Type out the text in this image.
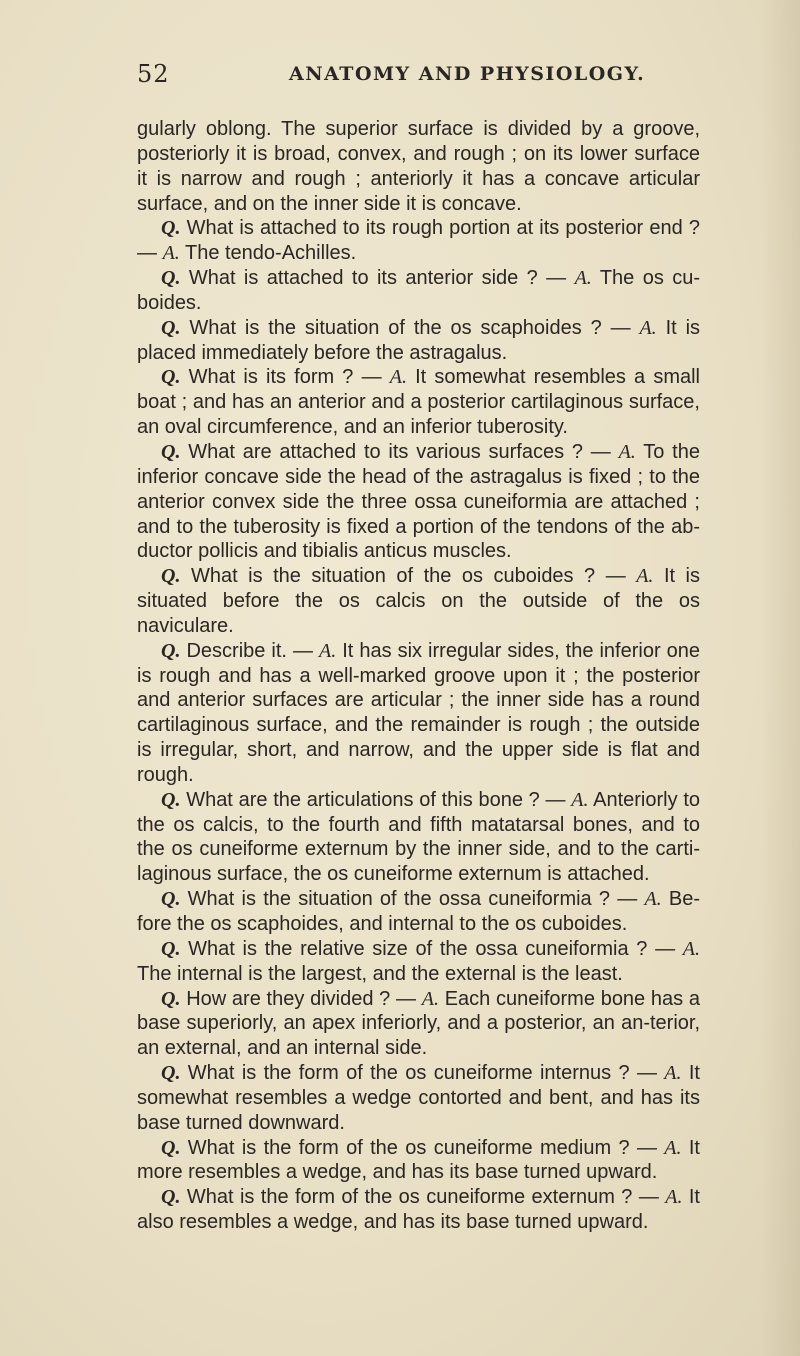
52	ANATOMY AND PHYSIOLOGY.

gularly oblong. The superior surface is divided by a groove, posteriorly it is broad, convex, and rough ; on its lower surface it is narrow and rough ; anteriorly it has a concave articular surface, and on the inner side it is concave.

Q. What is attached to its rough portion at its posterior end ? — A. The tendo-Achilles.

Q. What is attached to its anterior side ? — A. The os cu-boides.

Q. What is the situation of the os scaphoides ? — A. It is placed immediately before the astragalus.

Q. What is its form ? — A. It somewhat resembles a small boat ; and has an anterior and a posterior cartilaginous surface, an oval circumference, and an inferior tuberosity.

Q. What are attached to its various surfaces ? — A. To the inferior concave side the head of the astragalus is fixed ; to the anterior convex side the three ossa cuneiformia are attached ; and to the tuberosity is fixed a portion of the tendons of the ab-ductor pollicis and tibialis anticus muscles.

Q. What is the situation of the os cuboides ? — A. It is situated before the os calcis on the outside of the os naviculare.

Q. Describe it. — A. It has six irregular sides, the inferior one is rough and has a well-marked groove upon it ; the posterior and anterior surfaces are articular ; the inner side has a round cartilaginous surface, and the remainder is rough ; the outside is irregular, short, and narrow, and the upper side is flat and rough.

Q. What are the articulations of this bone ? — A. Anteriorly to the os calcis, to the fourth and fifth matatarsal bones, and to the os cuneiforme externum by the inner side, and to the carti-laginous surface, the os cuneiforme externum is attached.

Q. What is the situation of the ossa cuneiformia ? — A. Be-fore the os scaphoides, and internal to the os cuboides.

Q. What is the relative size of the ossa cuneiformia ? — A. The internal is the largest, and the external is the least.

Q. How are they divided ? — A. Each cuneiforme bone has a base superiorly, an apex inferiorly, and a posterior, an an-terior, an external, and an internal side.

Q. What is the form of the os cuneiforme internus ? — A. It somewhat resembles a wedge contorted and bent, and has its base turned downward.

Q. What is the form of the os cuneiforme medium ? — A. It more resembles a wedge, and has its base turned upward.

Q. What is the form of the os cuneiforme externum ? — A. It also resembles a wedge, and has its base turned upward.
